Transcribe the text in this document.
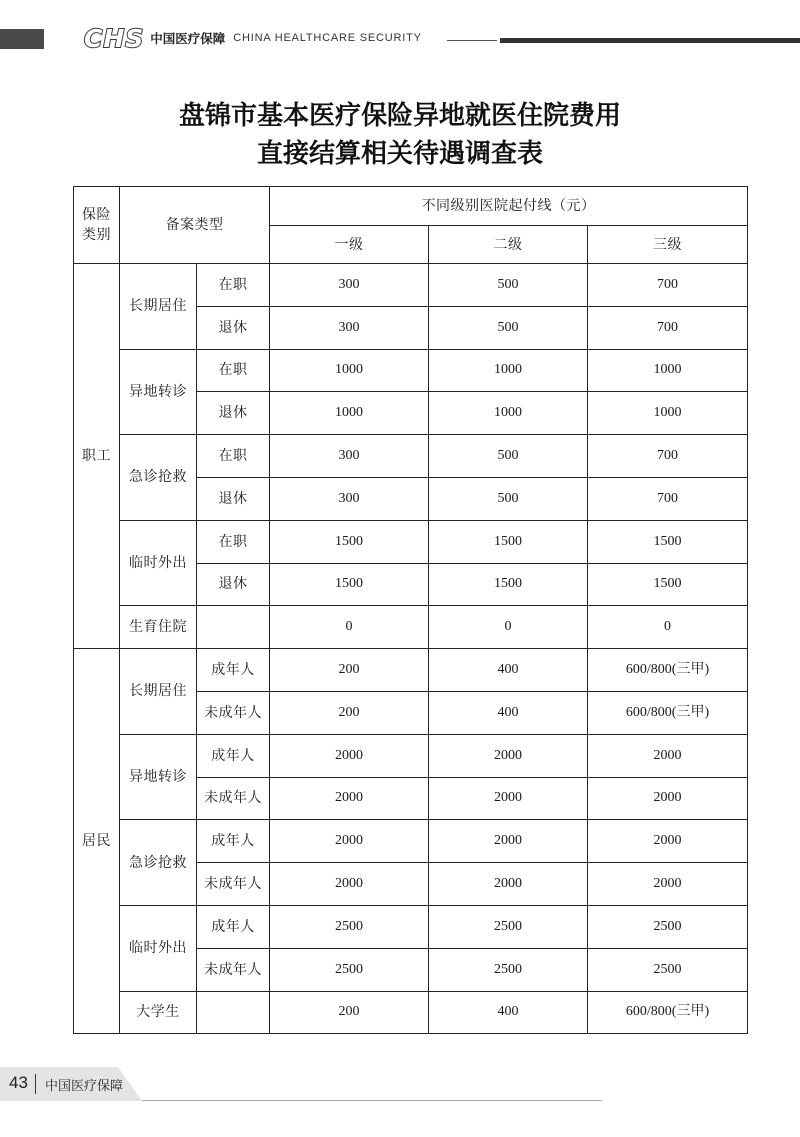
CHS 中国医疗保障 CHINA HEALTHCARE SECURITY
盘锦市基本医疗保险异地就医住院费用
直接结算相关待遇调查表
保险类别	备案类型		不同级别医院起付线（元）		
			一级	二级	三级
职工	长期居住	在职	300	500	700
		退休	300	500	700
	异地转诊	在职	1000	1000	1000
		退休	1000	1000	1000
	急诊抢救	在职	300	500	700
		退休	300	500	700
	临时外出	在职	1500	1500	1500
		退休	1500	1500	1500
	生育住院		0	0	0
居民	长期居住	成年人	200	400	600/800(三甲)
		未成年人	200	400	600/800(三甲)
	异地转诊	成年人	2000	2000	2000
		未成年人	2000	2000	2000
	急诊抢救	成年人	2000	2000	2000
		未成年人	2000	2000	2000
	临时外出	成年人	2500	2500	2500
		未成年人	2500	2500	2500
	大学生		200	400	600/800(三甲)
43 中国医疗保障
